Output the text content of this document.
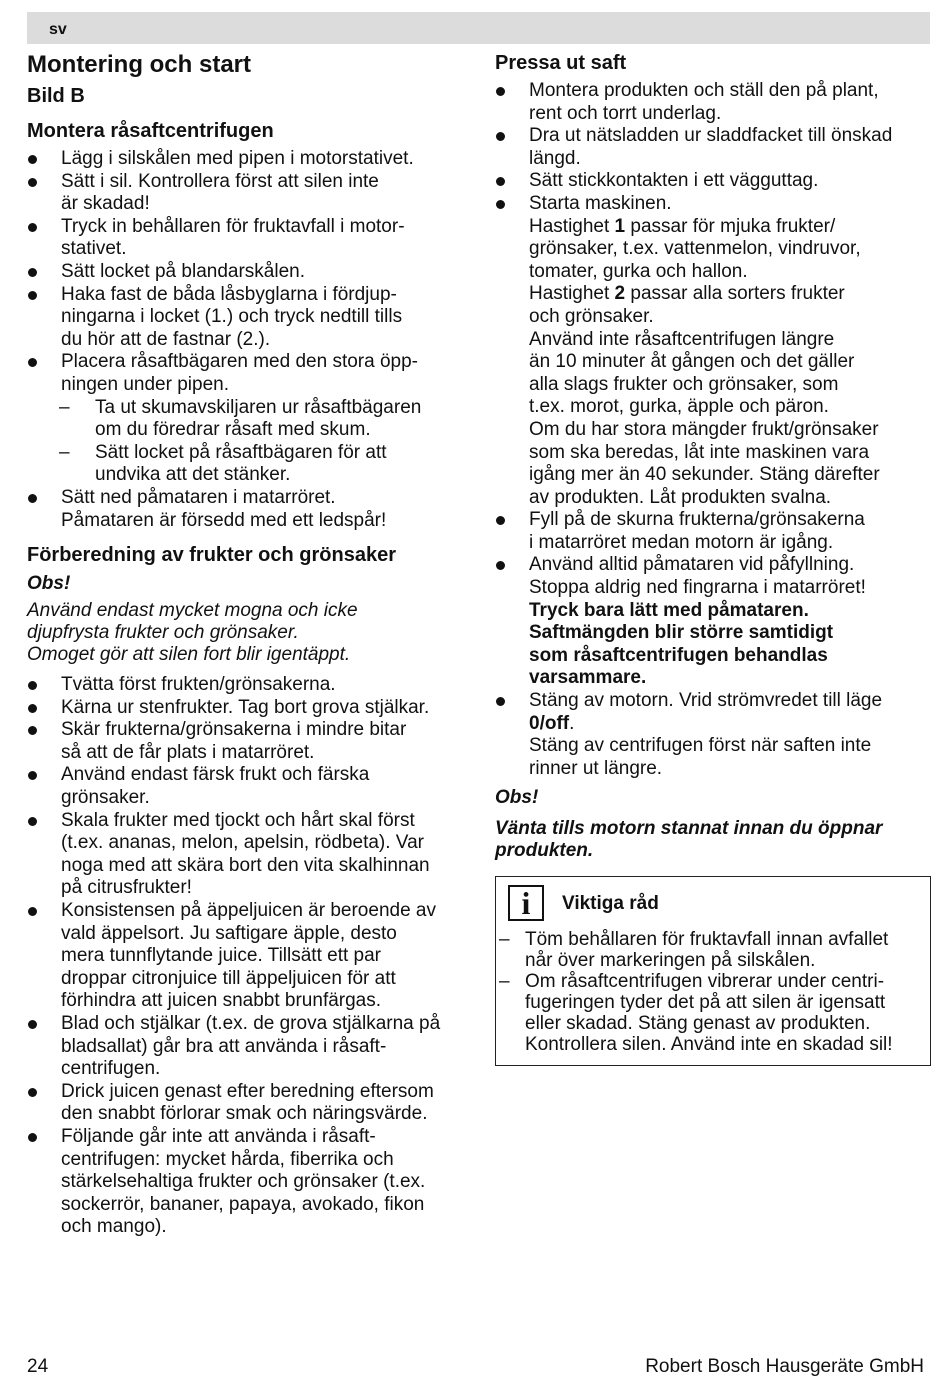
sv
Montering och start
Bild B
Montera råsaftcentrifugen
Lägg i silskålen med pipen i motorstativet.
Sätt i sil. Kontrollera först att silen inte
är skadad!
Tryck in behållaren för fruktavfall i motor-
stativet.
Sätt locket på blandarskålen.
Haka fast de båda låsbyglarna i fördjup-
ningarna i locket (1.) och tryck nedtill tills
du hör att de fastnar (2.).
Placera råsaftbägaren med den stora öpp-
ningen under pipen.
– Ta ut skumavskiljaren ur råsaftbägaren
om du föredrar råsaft med skum.
– Sätt locket på råsaftbägaren för att
undvika att det stänker.
Sätt ned påmataren i matarröret.
Påmataren är försedd med ett ledspår!
Förberedning av frukter och grönsaker
Obs!
Använd endast mycket mogna och icke
djupfrysta frukter och grönsaker.
Omoget gör att silen fort blir igentäppt.
Tvätta först frukten/grönsakerna.
Kärna ur stenfrukter. Tag bort grova stjälkar.
Skär frukterna/grönsakerna i mindre bitar
så att de får plats i matarröret.
Använd endast färsk frukt och färska
grönsaker.
Skala frukter med tjockt och hårt skal först
(t.ex. ananas, melon, apelsin, rödbeta). Var
noga med att skära bort den vita skalhinnan
på citrusfrukter!
Konsistensen på äppeljuicen är beroende av
vald äppelsort. Ju saftigare äpple, desto
mera tunnflytande juice. Tillsätt ett par
droppar citronjuice till äppeljuicen för att
förhindra att juicen snabbt brunfärgas.
Blad och stjälkar (t.ex. de grova stjälkarna på
bladsallat) går bra att använda i råsaft-
centrifugen.
Drick juicen genast efter beredning eftersom
den snabbt förlorar smak och näringsvärde.
Följande går inte att använda i råsaft-
centrifugen: mycket hårda, fiberrika och
stärkelsehaltiga frukter och grönsaker (t.ex.
sockerrör, bananer, papaya, avokado, fikon
och mango).
Pressa ut saft
Montera produkten och ställ den på plant,
rent och torrt underlag.
Dra ut nätsladden ur sladdfacket till önskad
längd.
Sätt stickkontakten i ett vägguttag.
Starta maskinen.
Hastighet 1 passar för mjuka frukter/
grönsaker, t.ex. vattenmelon, vindruvor,
tomater, gurka och hallon.
Hastighet 2 passar alla sorters frukter
och grönsaker.
Använd inte råsaftcentrifugen längre
än 10 minuter åt gången och det gäller
alla slags frukter och grönsaker, som
t.ex. morot, gurka, äpple och päron.
Om du har stora mängder frukt/grönsaker
som ska beredas, låt inte maskinen vara
igång mer än 40 sekunder. Stäng därefter
av produkten. Låt produkten svalna.
Fyll på de skurna frukterna/grönsakerna
i matarröret medan motorn är igång.
Använd alltid påmataren vid påfyllning.
Stoppa aldrig ned fingrarna i matarröret!
Tryck bara lätt med påmataren.
Saftmängden blir större samtidigt
som råsaftcentrifugen behandlas
varsammare.
Stäng av motorn. Vrid strömvredet till läge
0/off.
Stäng av centrifugen först när saften inte
rinner ut längre.
Obs!
Vänta tills motorn stannat innan du öppnar
produkten.
i	Viktiga råd
– Töm behållaren för fruktavfall innan avfallet
når över markeringen på silskålen.
– Om råsaftcentrifugen vibrerar under centri-
fugeringen tyder det på att silen är igensatt
eller skadad. Stäng genast av produkten.
Kontrollera silen. Använd inte en skadad sil!
24	Robert Bosch Hausgeräte GmbH
